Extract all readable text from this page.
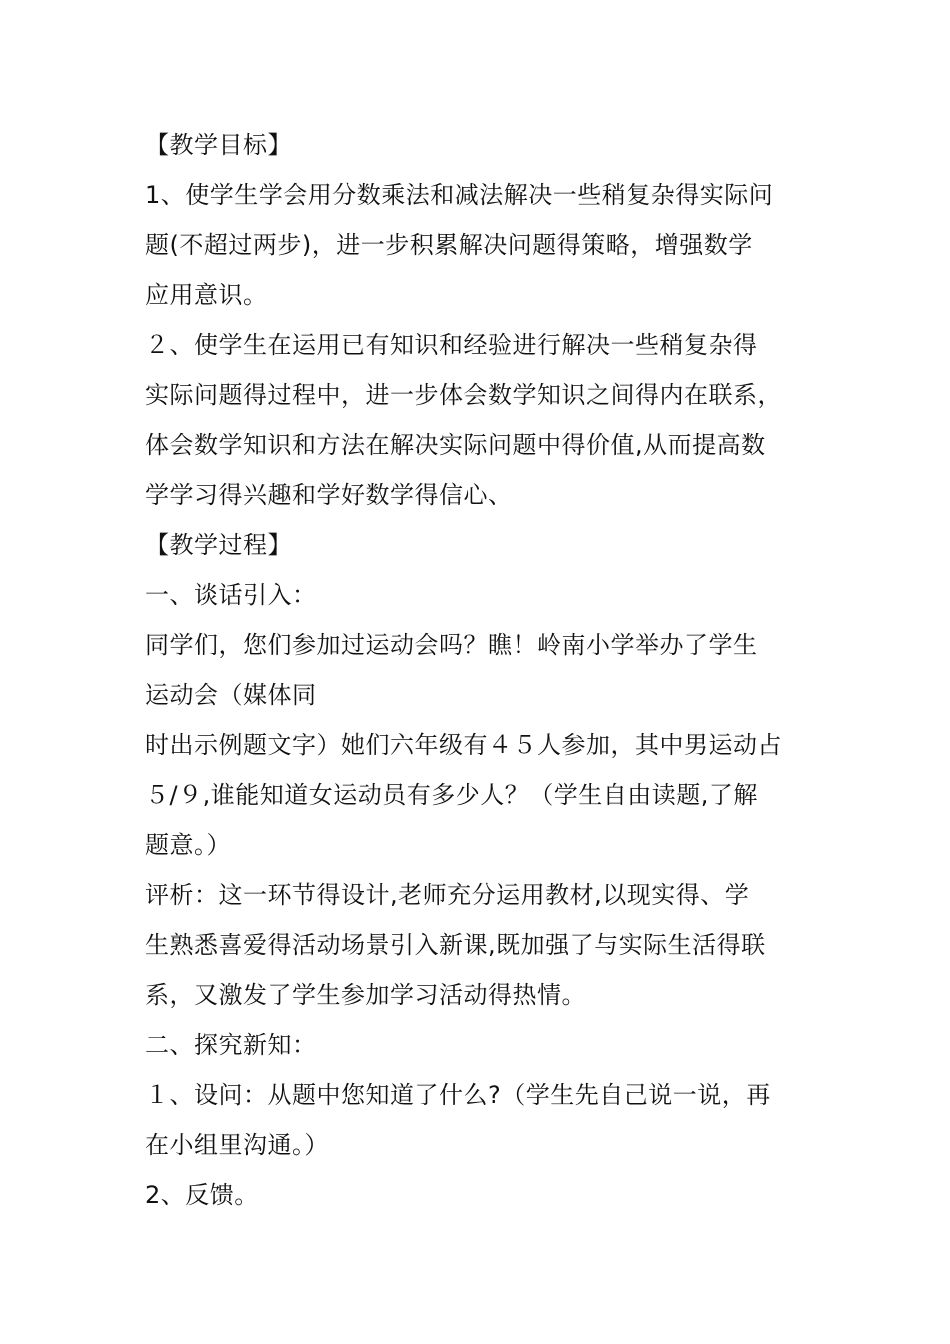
【教学目标】
1、使学生学会用分数乘法和减法解决一些稍复杂得实际问
题(不超过两步)，进一步积累解决问题得策略，增强数学
应用意识。
２、使学生在运用已有知识和经验进行解决一些稍复杂得
实际问题得过程中，进一步体会数学知识之间得内在联系，
体会数学知识和方法在解决实际问题中得价值,从而提高数
学学习得兴趣和学好数学得信心、
【教学过程】
一、谈话引入：
同学们，您们参加过运动会吗？瞧！岭南小学举办了学生
运动会（媒体同
时出示例题文字）她们六年级有４５人参加，其中男运动占
５/９,谁能知道女运动员有多少人？（学生自由读题,了解
题意。）
评析：这一环节得设计,老师充分运用教材,以现实得、学
生熟悉喜爱得活动场景引入新课,既加强了与实际生活得联
系，又激发了学生参加学习活动得热情。
二、探究新知：
１、设问：从题中您知道了什么?（学生先自己说一说，再
在小组里沟通。）
2、反馈。
